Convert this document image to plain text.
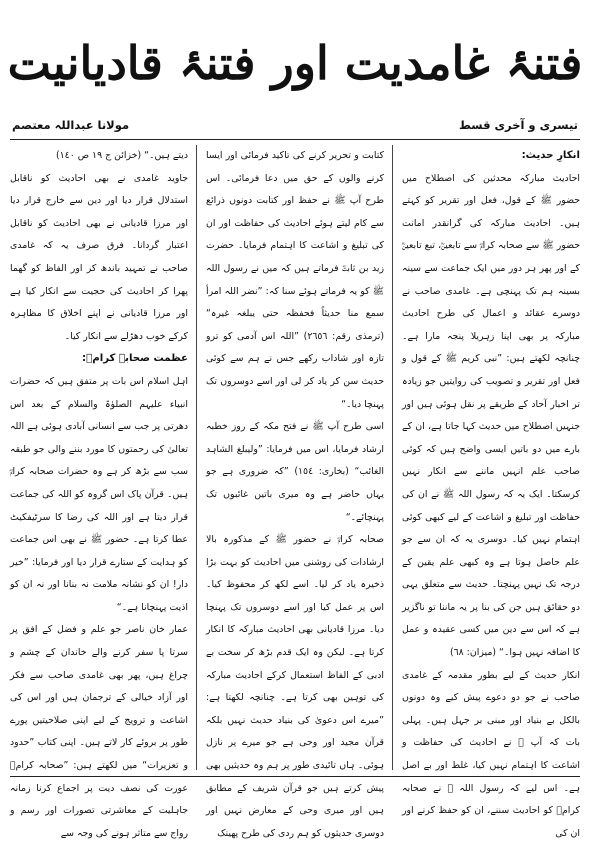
فتنۂ غامدیت اور فتنۂ قادیانیت
تیسری و آخری قسط
مولانا عبداللہ معتصم

انکارِ حدیث:

احادیث مبارکہ محدثین کی اصطلاح میں حضور ﷺ کے قول، فعل اور تقریر کو کہتے ہیں۔ احادیث مبارکہ کی گرانقدر امانت حضور ﷺ سے صحابہ کرامؓ سے تابعینؒ، تبع تابعینؒ کے اور پھر ہر دور میں ایک جماعت سے سینہ بسینہ ہم تک پہنچی ہے۔ غامدی صاحب نے دوسرے عقائد و اعمال کی طرح احادیث مبارکہ پر بھی اپنا زہریلا پنجہ مارا ہے۔ چنانچہ لکھتے ہیں: ”نبی کریم ﷺ کے قول و فعل اور تقریر و تصویب کی روایتیں جو زیادہ تر اخبار آحاد کے طریقے پر نقل ہوئی ہیں اور جنہیں اصطلاح میں حدیث کہا جاتا ہے، ان کے بارے میں دو باتیں ایسی واضح ہیں کہ کوئی صاحب علم انہیں ماننے سے انکار نہیں کرسکتا۔ ایک یہ کہ رسول اللہ ﷺ نے ان کی حفاظت اور تبلیغ و اشاعت کے لیے کبھی کوئی اہتمام نہیں کیا۔ دوسری یہ کہ ان سے جو علم حاصل ہوتا ہے وہ کبھی علم یقین کے درجہ تک نہیں پہنچتا۔ حدیث سے متعلق یہی دو حقائق ہیں جن کی بنا پر یہ ماننا تو ناگزیر ہے کہ اس سے دین میں کسی عقیدہ و عمل کا اضافہ نہیں ہوا۔“ (میزان: ٦٨)

انکار حدیث کے لیے بطور مقدمہ کے غامدی صاحب نے جو دو دعوے پیش کیے وہ دونوں بالکل بے بنیاد اور مبنی بر جہل ہیں۔ پہلی بات کہ آپ ﷺ نے احادیث کی حفاظت و اشاعت کا اہتمام نہیں کیا، غلط اور بے اصل ہے۔ اس لیے کہ رسول اللہ ﷺ نے صحابہ کرامؓ کو احادیث سننے، ان کو حفظ کرنے اور ان کی

کتابت و تحریر کرنے کی تاکید فرمائی اور ایسا کرنے والوں کے حق میں دعا فرمائی۔ اس طرح آپ ﷺ نے حفظ اور کتابت دونوں ذرائع سے کام لیتے ہوئے احادیث کی حفاظت اور ان کی تبلیغ و اشاعت کا اہتمام فرمایا۔ حضرت زید بن ثابتؓ فرماتے ہیں کہ میں نے رسول اللہ ﷺ کو یہ فرماتے ہوئے سنا کہ: ”نضر اللہ امرأ سمع منا حدیثاً فحفظہ حتی یبلغہ غیرہ“ (ترمذی رقم: ٢٦٥٦) ”اللہ اس آدمی کو ترو تازہ اور شاداب رکھے جس نے ہم سے کوئی حدیث سن کر یاد کر لی اور اسے دوسروں تک پہنچا دیا۔“

اسی طرح آپ ﷺ نے فتح مکہ کے روز خطبہ ارشاد فرمایا، اس میں فرمایا: ”ولیبلغ الشاہد الغائب“ (بخاری: ١٥٤) ”کہ ضروری ہے جو یہاں حاضر ہے وہ میری باتیں غائبوں تک پہنچائے۔“

صحابہ کرامؓ نے حضور ﷺ کے مذکورہ بالا ارشادات کی روشنی میں احادیث کو بہت بڑا ذخیرہ یاد کر لیا۔ اسے لکھ کر محفوظ کیا۔ اس پر عمل کیا اور اسے دوسروں تک پہنچا دیا۔ مرزا قادیانی بھی احادیث مبارکہ کا انکار کرتا ہے۔ لیکن وہ ایک قدم بڑھ کر سخت بے ادبی کے الفاظ استعمال کرکے احادیث مبارکہ کی توہین بھی کرتا ہے۔ چنانچہ لکھتا ہے: ”میرے اس دعویٰ کی بنیاد حدیث نہیں بلکہ قرآن مجید اور وحی ہے جو میرے پر نازل ہوئی۔ ہاں تائیدی طور پر ہم وہ حدیثیں بھی پیش کرتے ہیں جو قرآن شریف کے مطابق ہیں اور میری وحی کے معارض نہیں اور دوسری حدیثوں کو ہم ردی کی طرح پھینک

دیتے ہیں۔“ (خزائن ج ١٩ ص ١٤٠)

جاوید غامدی نے بھی احادیث کو ناقابل استدلال قرار دیا اور دین سے خارج قرار دیا اور مرزا قادیانی نے بھی احادیث کو ناقابل اعتبار گردانا۔ فرق صرف یہ کہ غامدی صاحب نے تمہید باندھ کر اور الفاظ کو گھما پھرا کر احادیث کی حجیت سے انکار کیا ہے اور مرزا قادیانی نے اپنے اخلاق کا مظاہرہ کرکے خوب دھڑلے سے انکار کیا۔

عظمت صحابہ کرامؓ:

اہل اسلام اس بات پر متفق ہیں کہ حضرات انبیاء علیہم الصلوٰۃ والسلام کے بعد اس دھرتی پر جب سے انسانی آبادی ہوئی ہے اللہ تعالیٰ کی رحمتوں کا مورد بننے والی جو طبقہ سب سے بڑھ کر ہے وہ حضرات صحابہ کرامؓ ہیں۔ قرآن پاک اس گروہ کو اللہ کی جماعت قرار دیتا ہے اور اللہ کی رضا کا سرٹیفکیٹ عطا کرتا ہے۔ حضور ﷺ نے بھی اس جماعت کو ہدایت کے ستارے قرار دیا اور فرمایا: ”خیر دار! ان کو نشانہ ملامت نہ بنانا اور نہ ان کو اذیت پہنچانا ہے۔“

عمار خان ناصر جو علم و فضل کے افق پر سرتا پا سفر کرنے والے خاندان کے چشم و چراغ ہیں، پھر بھی غامدی صاحب سے فکر اور آزاد خیالی کے ترجمان ہیں اور اس کی اشاعت و ترویج کے لیے اپنی صلاحیتیں پورے طور پر بروئے کار لاتے ہیں۔ اپنی کتاب ”حدود و تعزیرات“ میں لکھتے ہیں: ”صحابہ کرامؓ عورت کی نصف دیت پر اجماع کرنا زمانہ جاہلیت کے معاشرتی تصورات اور رسم و رواج سے متاثر ہونے کی وجہ سے
